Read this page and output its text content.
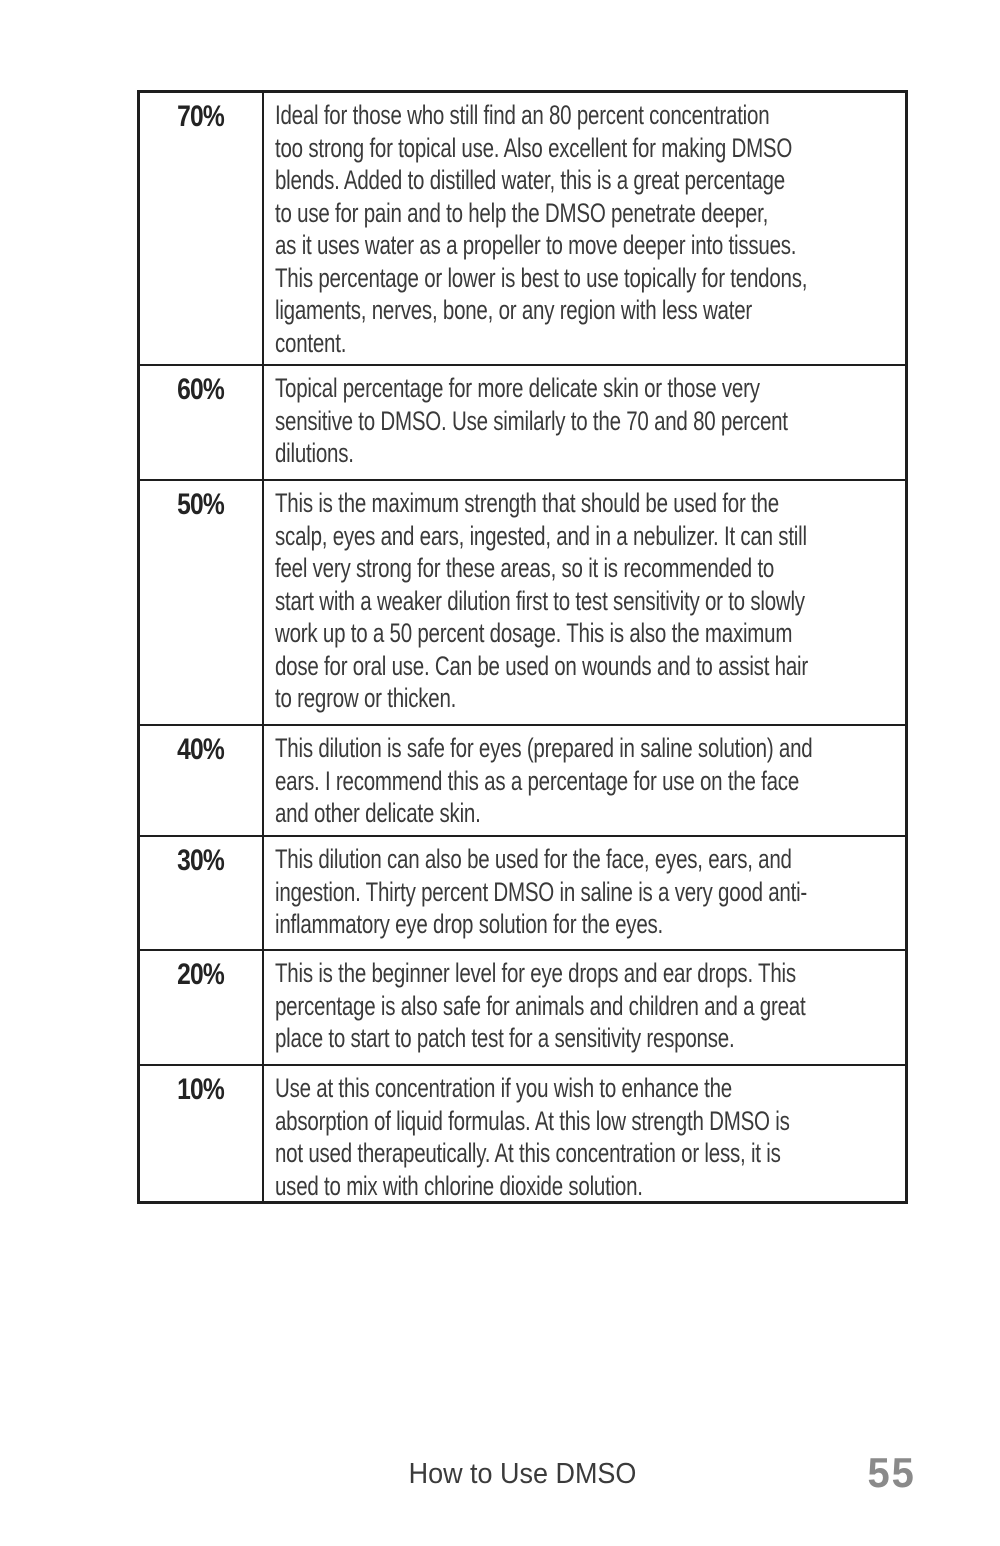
70%	Ideal for those who still find an 80 percent concentration
too strong for topical use. Also excellent for making DMSO
blends. Added to distilled water, this is a great percentage
to use for pain and to help the DMSO penetrate deeper,
as it uses water as a propeller to move deeper into tissues.
This percentage or lower is best to use topically for tendons,
ligaments, nerves, bone, or any region with less water
content.
60%	Topical percentage for more delicate skin or those very
sensitive to DMSO. Use similarly to the 70 and 80 percent
dilutions.
50%	This is the maximum strength that should be used for the
scalp, eyes and ears, ingested, and in a nebulizer. It can still
feel very strong for these areas, so it is recommended to
start with a weaker dilution first to test sensitivity or to slowly
work up to a 50 percent dosage. This is also the maximum
dose for oral use. Can be used on wounds and to assist hair
to regrow or thicken.
40%	This dilution is safe for eyes (prepared in saline solution) and
ears. I recommend this as a percentage for use on the face
and other delicate skin.
30%	This dilution can also be used for the face, eyes, ears, and
ingestion. Thirty percent DMSO in saline is a very good anti-
inflammatory eye drop solution for the eyes.
20%	This is the beginner level for eye drops and ear drops. This
percentage is also safe for animals and children and a great
place to start to patch test for a sensitivity response.
10%	Use at this concentration if you wish to enhance the
absorption of liquid formulas. At this low strength DMSO is
not used therapeutically. At this concentration or less, it is
used to mix with chlorine dioxide solution.
How to Use DMSO	55
